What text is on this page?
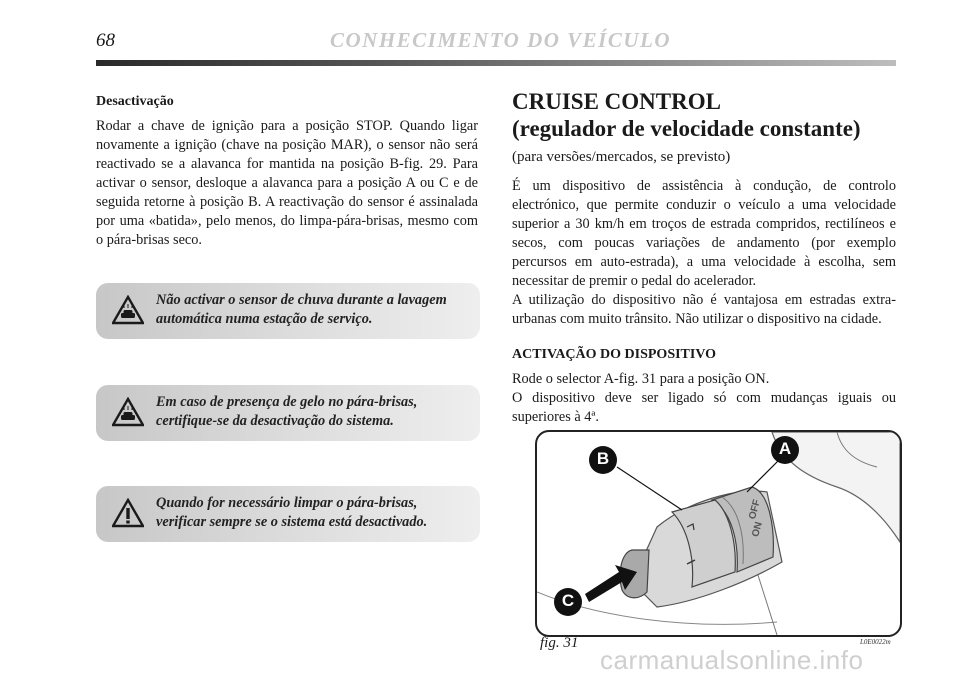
68	CONHECIMENTO DO VEÍCULO

Desactivação

Rodar a chave de ignição para a posição STOP. Quando ligar novamente a ignição (chave na posição MAR), o sensor não será reactivado se a alavanca for mantida na posição B-fig. 29. Para activar o sensor, desloque a alavanca para a posição A ou C e de seguida retorne à posição B. A reactivação do sensor é assinalada por uma «batida», pelo menos, do limpa-pára-brisas, mesmo com o pára-brisas seco.

Não activar o sensor de chuva durante a lavagem automática numa estação de serviço.
Em caso de presença de gelo no pára-brisas, certifique-se da desactivação do sistema.
Quando for necessário limpar o pára-brisas, verificar sempre se o sistema está desactivado.

CRUISE CONTROL

(regulador de velocidade constante)

(para versões/mercados, se previsto)

É um dispositivo de assistência à condução, de controlo electrónico, que permite conduzir o veículo a uma velocidade superior a 30 km/h em troços de estrada compridos, rectilíneos e secos, com poucas variações de andamento (por exemplo percursos em auto-estrada), a uma velocidade à escolha, sem necessitar de premir o pedal do acelerador.

A utilização do dispositivo não é vantajosa em estradas extra-urbanas com muito trânsito. Não utilizar o dispositivo na cidade.

ACTIVAÇÃO DO DISPOSITIVO

Rode o selector A-fig. 31 para a posição ON.

O dispositivo deve ser ligado só com mudanças iguais ou superiores à 4ª.

OFF
ON
B
A
C
fig. 31	L0E0022m
carmanualsonline.info
